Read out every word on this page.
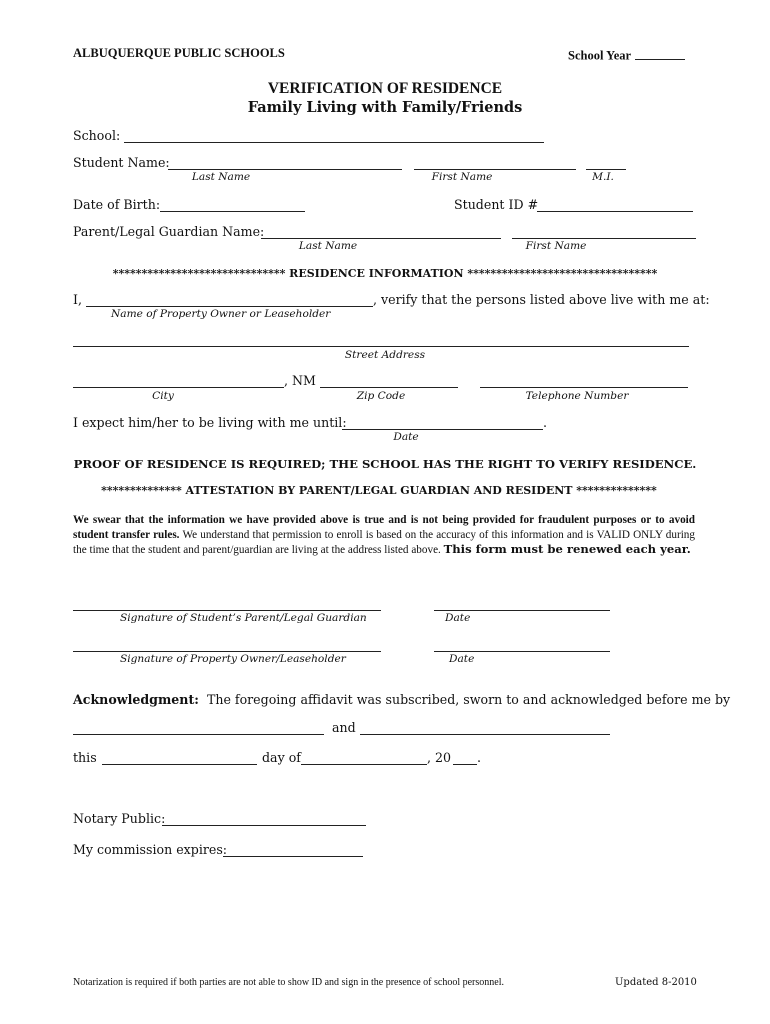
ALBUQUERQUE PUBLIC SCHOOLS	School Year
VERIFICATION OF RESIDENCE
Family Living with Family/Friends
School:
Student Name:
Last Name	First Name	M.I.
Date of Birth:	Student ID #
Parent/Legal Guardian Name:
Last Name	First Name
****************************** RESIDENCE INFORMATION *********************************
I,	, verify that the persons listed above live with me at:
Name of Property Owner or Leaseholder
Street Address
, NM
City	Zip Code	Telephone Number
I expect him/her to be living with me until:	.
Date
PROOF OF RESIDENCE IS REQUIRED; THE SCHOOL HAS THE RIGHT TO VERIFY RESIDENCE.
************** ATTESTATION BY PARENT/LEGAL GUARDIAN AND RESIDENT **************
We swear that the information we have provided above is true and is not being provided for fraudulent purposes or to avoid student transfer rules. We understand that permission to enroll is based on the accuracy of this information and is VALID ONLY during the time that the student and parent/guardian are living at the address listed above. This form must be renewed each year.
Signature of Student’s Parent/Legal Guardian	Date
Signature of Property Owner/Leaseholder	Date
Acknowledgment: The foregoing affidavit was subscribed, sworn to and acknowledged before me by
and
this	day of	, 20 .
Notary Public:
My commission expires:
Notarization is required if both parties are not able to show ID and sign in the presence of school personnel.	Updated 8-2010
